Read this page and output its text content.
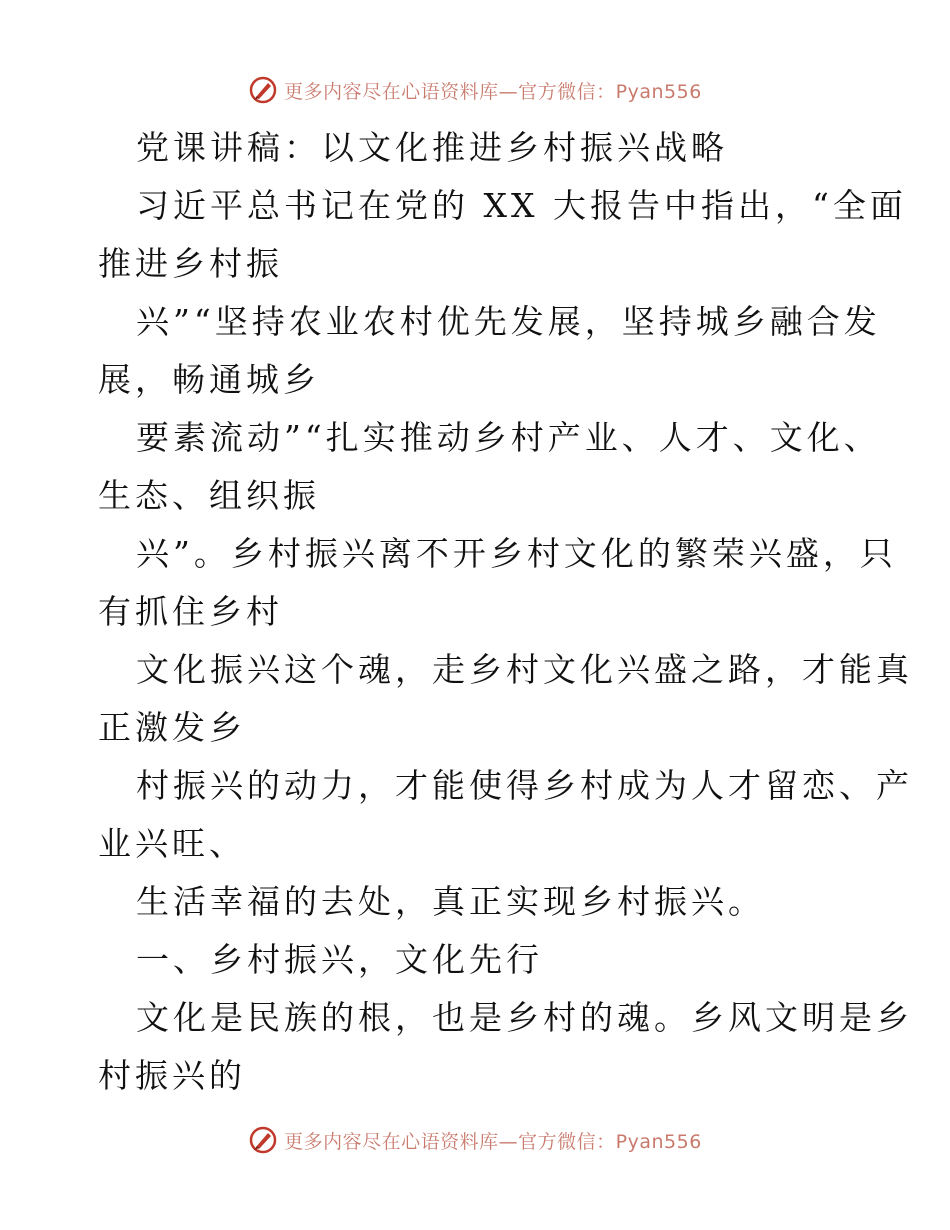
更多内容尽在心语资料库—官方微信：Pyan556
党课讲稿：以文化推进乡村振兴战略
习近平总书记在党的 XX 大报告中指出，“全面
推进乡村振
兴”“坚持农业农村优先发展，坚持城乡融合发
展，畅通城乡
要素流动”“扎实推动乡村产业、人才、文化、
生态、组织振
兴”。乡村振兴离不开乡村文化的繁荣兴盛，只
有抓住乡村
文化振兴这个魂，走乡村文化兴盛之路，才能真
正激发乡
村振兴的动力，才能使得乡村成为人才留恋、产
业兴旺、
生活幸福的去处，真正实现乡村振兴。
一、乡村振兴，文化先行
文化是民族的根，也是乡村的魂。乡风文明是乡
村振兴的
更多内容尽在心语资料库—官方微信：Pyan556
